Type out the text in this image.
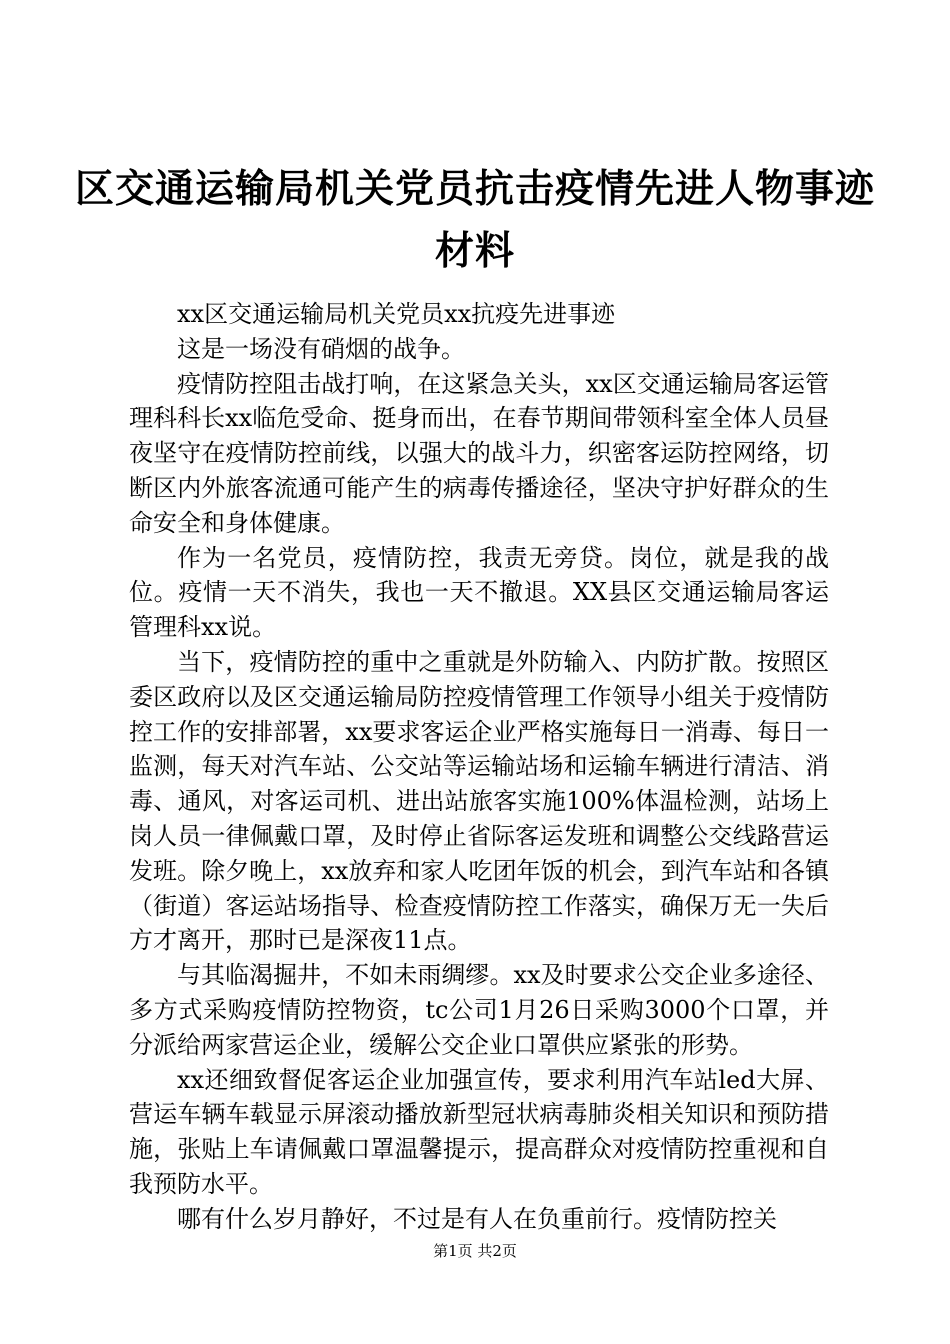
区交通运输局机关党员抗击疫情先进人物事迹材料

xx区交通运输局机关党员xx抗疫先进事迹

这是一场没有硝烟的战争。

疫情防控阻击战打响，在这紧急关头，xx区交通运输局客运管理科科长xx临危受命、挺身而出，在春节期间带领科室全体人员昼夜坚守在疫情防控前线，以强大的战斗力，织密客运防控网络，切断区内外旅客流通可能产生的病毒传播途径，坚决守护好群众的生命安全和身体健康。

作为一名党员，疫情防控，我责无旁贷。岗位，就是我的战位。疫情一天不消失，我也一天不撤退。XX县区交通运输局客运管理科xx说。

当下，疫情防控的重中之重就是外防输入、内防扩散。按照区委区政府以及区交通运输局防控疫情管理工作领导小组关于疫情防控工作的安排部署，xx要求客运企业严格实施每日一消毒、每日一监测，每天对汽车站、公交站等运输站场和运输车辆进行清洁、消毒、通风，对客运司机、进出站旅客实施100%体温检测，站场上岗人员一律佩戴口罩，及时停止省际客运发班和调整公交线路营运发班。除夕晚上，xx放弃和家人吃团年饭的机会，到汽车站和各镇（街道）客运站场指导、检查疫情防控工作落实，确保万无一失后方才离开，那时已是深夜11点。

与其临渴掘井，不如未雨绸缪。xx及时要求公交企业多途径、多方式采购疫情防控物资，tc公司1月26日采购3000个口罩，并分派给两家营运企业，缓解公交企业口罩供应紧张的形势。

xx还细致督促客运企业加强宣传，要求利用汽车站led大屏、营运车辆车载显示屏滚动播放新型冠状病毒肺炎相关知识和预防措施，张贴上车请佩戴口罩温馨提示，提高群众对疫情防控重视和自我预防水平。

哪有什么岁月静好，不过是有人在负重前行。疫情防控关

第1页 共2页
